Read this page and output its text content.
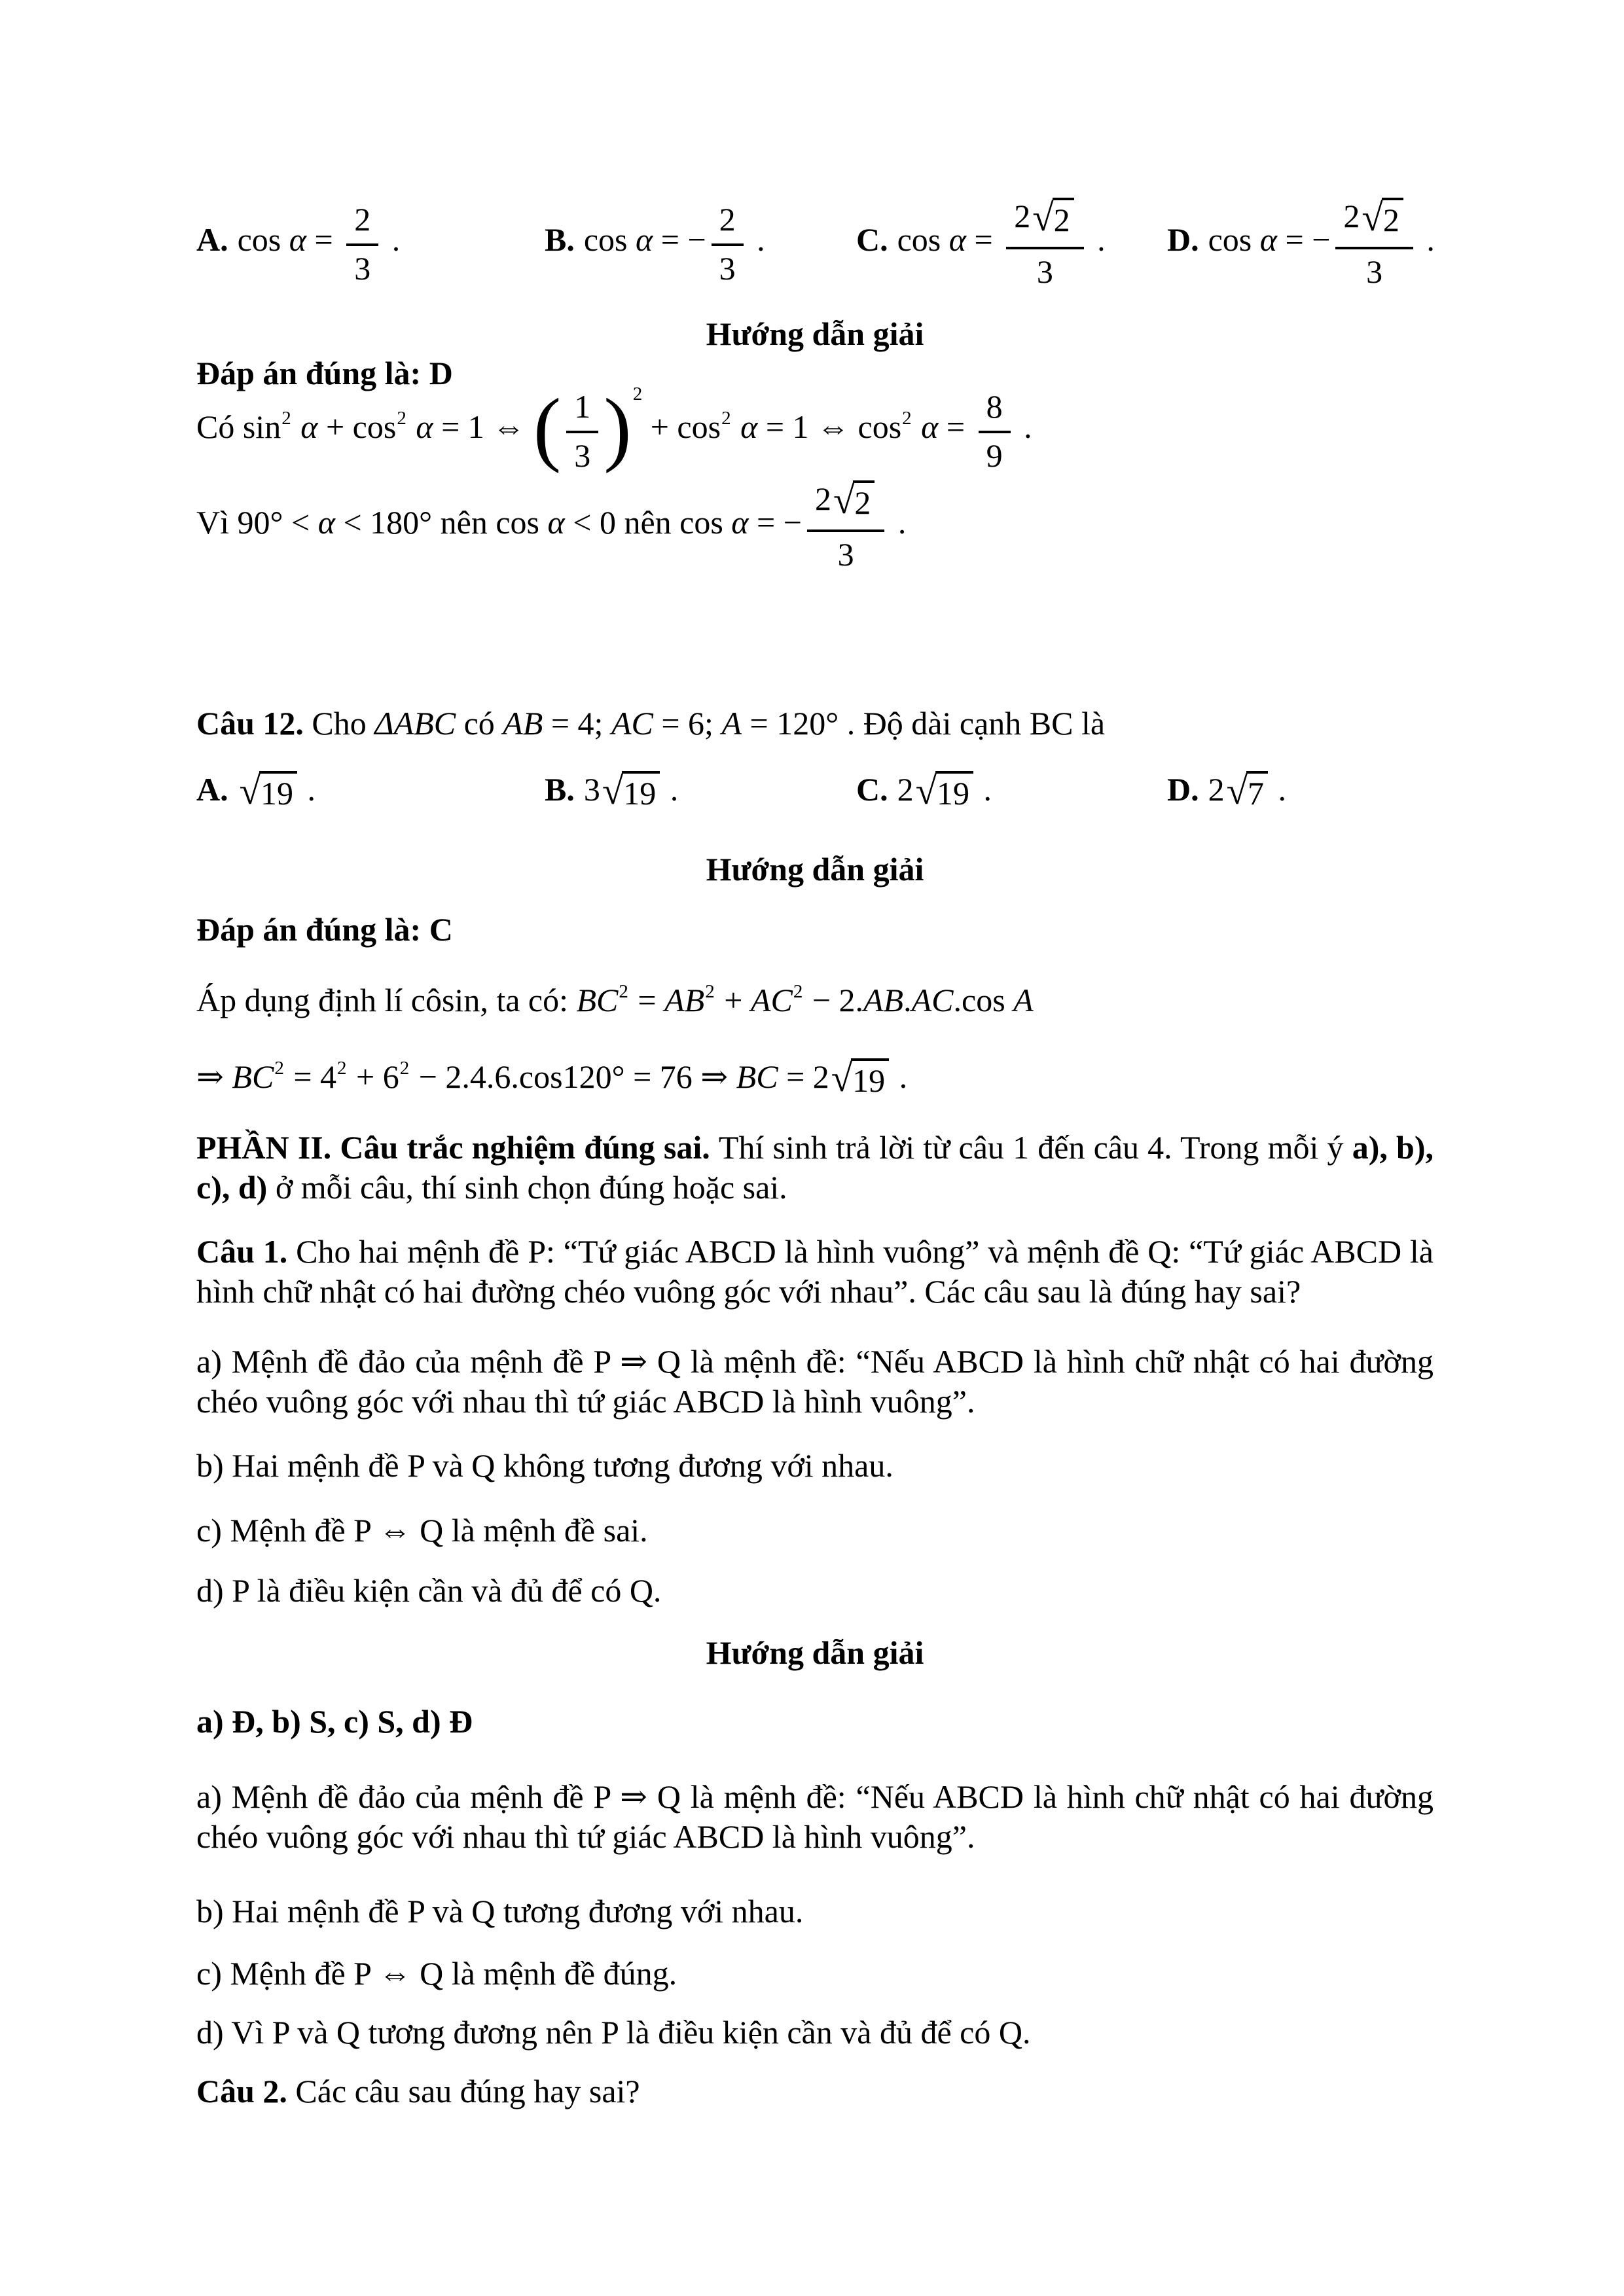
A. $\cos \alpha = \frac{2}{3}$ .	B. cos α = − $\frac{2}{3}$ .	C. $\cos \alpha = \frac{2 √ 2}{3}$ . D. cos α = − $\frac{2 √ 2}{3}$ .
Hướng dẫn giải
Đáp án đúng là: D
Có $\sin^2 \alpha + \cos^2 \alpha = 1$ ⇔ ( $\frac{1}{3} )^2 + \cos^2 \alpha = 1$ ⇔ $\cos^2 \alpha = \frac{8}{9}$ .
Vì 90° < α < 180° nên cos α < 0 nên cos α = − $\frac{2 √ 2}{3}$ .
Câu 12. Cho ΔABC có AB = 4; AC = 6; A = 120° . Độ dài cạnh BC là
A. √ 19 .	B. 3 √ 19 .	C. 2 √ 19 .	D. 2 √ 7 .
Hướng dẫn giải
Đáp án đúng là: C
Áp dụng định lí côsin, ta có: $BC^2 = AB^2 + AC^2 - 2.AB.AC.\cos$ A
⇒ $BC^2 = 4^2 + 6^2 - 2.4.6.\cos 120^\circ = 76$ ⇒ BC = 2 √ 19 .
PHẦN II. Câu trắc nghiệm đúng sai. Thí sinh trả lời từ câu 1 đến câu 4. Trong mỗi ý a), b), c), d) ở mỗi câu, thí sinh chọn đúng hoặc sai.
Câu 1. Cho hai mệnh đề P: “Tứ giác ABCD là hình vuông” và mệnh đề Q: “Tứ giác ABCD là hình chữ nhật có hai đường chéo vuông góc với nhau”. Các câu sau là đúng hay sai?
a) Mệnh đề đảo của mệnh đề P ⇒ Q là mệnh đề: “Nếu ABCD là hình chữ nhật có hai đường chéo vuông góc với nhau thì tứ giác ABCD là hình vuông”.
b) Hai mệnh đề P và Q không tương đương với nhau.
c) Mệnh đề P ⇔ Q là mệnh đề sai.
d) P là điều kiện cần và đủ để có Q.
Hướng dẫn giải
a) Đ, b) S, c) S, d) Đ
a) Mệnh đề đảo của mệnh đề P ⇒ Q là mệnh đề: “Nếu ABCD là hình chữ nhật có hai đường chéo vuông góc với nhau thì tứ giác ABCD là hình vuông”.
b) Hai mệnh đề P và Q tương đương với nhau.
c) Mệnh đề P ⇔ Q là mệnh đề đúng.
d) Vì P và Q tương đương nên P là điều kiện cần và đủ để có Q.
Câu 2. Các câu sau đúng hay sai?
